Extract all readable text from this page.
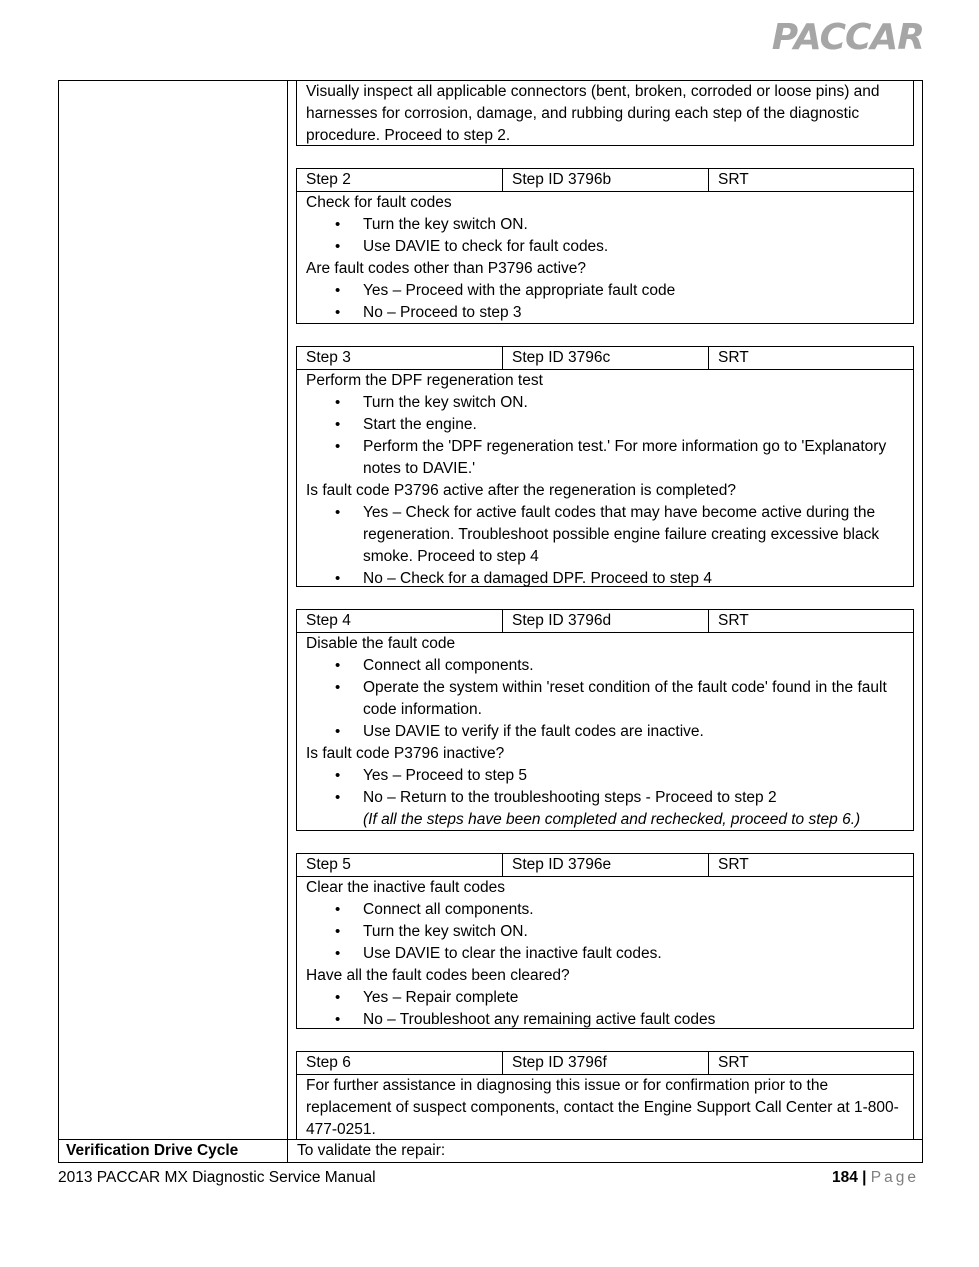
PACCAR
Visually inspect all applicable connectors (bent, broken, corroded or loose pins) and harnesses for corrosion, damage, and rubbing during each step of the diagnostic procedure. Proceed to step 2.
Step 2	Step ID 3796b	SRT
Check for fault codes
• Turn the key switch ON.
• Use DAVIE to check for fault codes.
Are fault codes other than P3796 active?
• Yes – Proceed with the appropriate fault code
• No – Proceed to step 3
Step 3	Step ID 3796c	SRT
Perform the DPF regeneration test
• Turn the key switch ON.
• Start the engine.
• Perform the 'DPF regeneration test.' For more information go to 'Explanatory notes to DAVIE.'
Is fault code P3796 active after the regeneration is completed?
• Yes – Check for active fault codes that may have become active during the regeneration. Troubleshoot possible engine failure creating excessive black smoke. Proceed to step 4
• No – Check for a damaged DPF. Proceed to step 4
Step 4	Step ID 3796d	SRT
Disable the fault code
• Connect all components.
• Operate the system within 'reset condition of the fault code' found in the fault code information.
• Use DAVIE to verify if the fault codes are inactive.
Is fault code P3796 inactive?
• Yes – Proceed to step 5
• No – Return to the troubleshooting steps - Proceed to step 2
(If all the steps have been completed and rechecked, proceed to step 6.)
Step 5	Step ID 3796e	SRT
Clear the inactive fault codes
• Connect all components.
• Turn the key switch ON.
• Use DAVIE to clear the inactive fault codes.
Have all the fault codes been cleared?
• Yes – Repair complete
• No – Troubleshoot any remaining active fault codes
Step 6	Step ID 3796f	SRT
For further assistance in diagnosing this issue or for confirmation prior to the replacement of suspect components, contact the Engine Support Call Center at 1-800-477-0251.
Verification Drive Cycle	To validate the repair:
2013 PACCAR MX Diagnostic Service Manual	184 | Page
